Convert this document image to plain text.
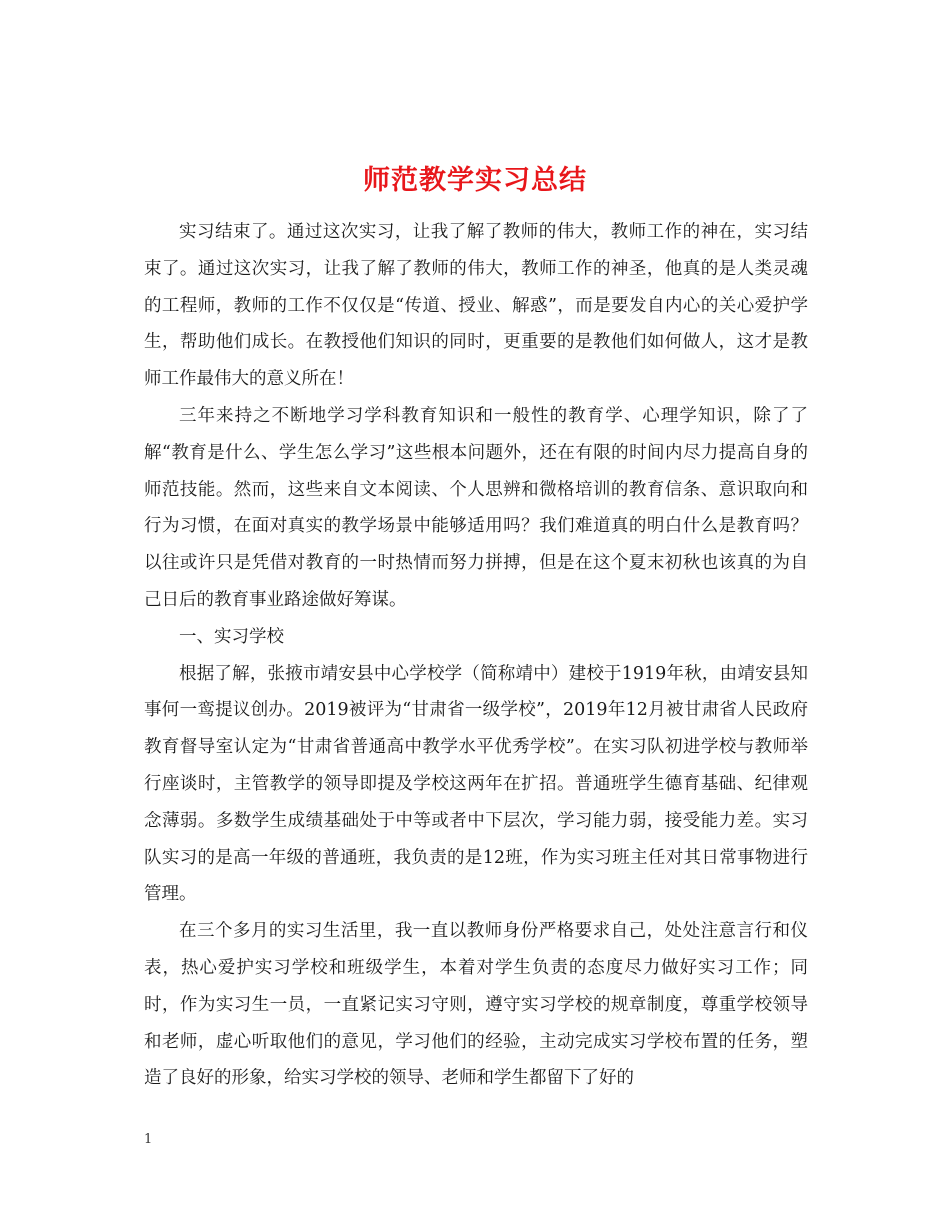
师范教学实习总结

实习结束了。通过这次实习，让我了解了教师的伟大，教师工作的神在，实习结束了。通过这次实习，让我了解了教师的伟大，教师工作的神圣，他真的是人类灵魂的工程师，教师的工作不仅仅是“传道、授业、解惑”，而是要发自内心的关心爱护学生，帮助他们成长。在教授他们知识的同时，更重要的是教他们如何做人，这才是教师工作最伟大的意义所在！

三年来持之不断地学习学科教育知识和一般性的教育学、心理学知识，除了了解“教育是什么、学生怎么学习”这些根本问题外，还在有限的时间内尽力提高自身的师范技能。然而，这些来自文本阅读、个人思辨和微格培训的教育信条、意识取向和行为习惯，在面对真实的教学场景中能够适用吗？我们难道真的明白什么是教育吗？以往或许只是凭借对教育的一时热情而努力拼搏，但是在这个夏末初秋也该真的为自己日后的教育事业路途做好筹谋。

一、实习学校

根据了解，张掖市靖安县中心学校学（简称靖中）建校于1919年秋，由靖安县知事何一鸾提议创办。2019被评为“甘肃省一级学校”，2019年12月被甘肃省人民政府教育督导室认定为“甘肃省普通高中教学水平优秀学校”。在实习队初进学校与教师举行座谈时，主管教学的领导即提及学校这两年在扩招。普通班学生德育基础、纪律观念薄弱。多数学生成绩基础处于中等或者中下层次，学习能力弱，接受能力差。实习队实习的是高一年级的普通班，我负责的是12班，作为实习班主任对其日常事物进行管理。

在三个多月的实习生活里，我一直以教师身份严格要求自己，处处注意言行和仪表，热心爱护实习学校和班级学生，本着对学生负责的态度尽力做好实习工作；同时，作为实习生一员，一直紧记实习守则，遵守实习学校的规章制度，尊重学校领导和老师，虚心听取他们的意见，学习他们的经验，主动完成实习学校布置的任务，塑造了良好的形象，给实习学校的领导、老师和学生都留下了好的

1
